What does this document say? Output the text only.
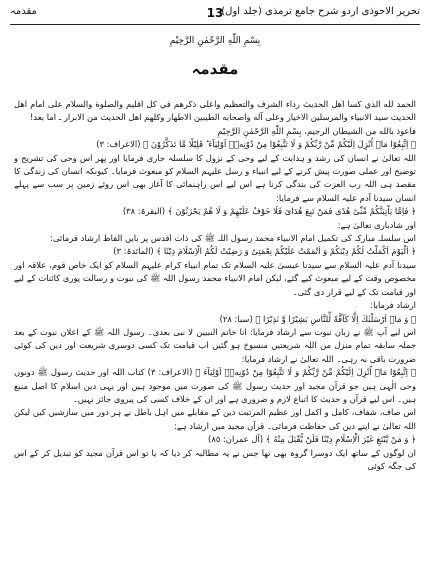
تحریر الاحوذی اردو شرح جامع ترمذی (جلد اول)
13
مقدمہ
بِسْمِ اللّٰهِ الرَّحْمٰنِ الرَّحِیْمِ
مقدمہ

الحمد لله الذي كسا اهل الحديث رداء الشرف والتعظيم واعلى ذكرهم في كل اقليم والصلوة والسلام على امام اهل الحديث سيد الانبياء والمرسلين الاخيار وعلى آله واصحابه الطيبين الاطهار وكلهم اهل الحديث من الابرار ـ اما بعد!

فاعوذ بالله من الشيطان الرجيم، بِسْمِ اللّٰهِ الرَّحْمٰنِ الرَّحِیْمِ

﴿ اِتَّبِعُوْا مَاۤ اُنْزِلَ اِلَیْكُمْ مِّنْ رَّبِّكُمْ وَ لَا تَتَّبِعُوْا مِنْ دُوْنِهٖۤ اَوْلِیَآءَ ؕ قَلِیْلًا مَّا تَذَكَّرُوْنَ ﴾ (الاعراف: ٣)

اللہ تعالیٰ نے انسان کی رشد و ہدایت کے لیے وحی کے نزول کا سلسلہ جاری فرمایا اور پھر اس وحی کی تشریح و توضیح اور عملی صورت پیش کرنے کے لیے انبیاء و رسل علیہم السلام کو مبعوث فرمایا۔ کیونکہ انسان کی زندگی کا مقصد ہی اللہ رب العزت کی بندگی کرنا ہے اس لیے اس راہنمائی کا آغاز بھی اس روئے زمین پر سب سے پہلے انسان سیدنا آدم علیہ السلام سے فرمایا:

﴿ فَاِمَّا یَاْتِیَنَّكُمْ مِّنِّیْ هُدًى فَمَنْ تَبِعَ هُدَایَ فَلَا خَوْفٌ عَلَیْهِمْ وَ لَا هُمْ یَحْزَنُوْنَ ﴾ (البقرۃ: ٣٨)

اور شادباری تعالیٰ ہے:

اس سلسلہ مبارکہ کی تکمیل امام الانبیاء محمد رسول اللہ ﷺ کی ذات اقدس پر بایں الفاظ ارشاد فرمائی:

﴿ اَلْیَوْمَ اَكْمَلْتُ لَكُمْ دِیْنَكُمْ وَ اَتْمَمْتُ عَلَیْكُمْ نِعْمَتِیْ وَ رَضِیْتُ لَكُمُ الْاِسْلَامَ دِیْنًا ﴾ (المائدۃ: ٣)

سیدنا آدم علیہ السلام سے سیدنا عیسیٰ علیہ السلام تک تمام انبیاء کرام علیہم السلام کو ایک خاص قوم، علاقہ اور مخصوص وقت کے لیے مبعوث کیے گئے، لیکن امام الانبیاء محمد رسول اللہ ﷺ کی نبوت و رسالت پوری کائنات کے لیے اور قیامت تک کے لیے قرار دی گئی۔

ارشاد فرمایا:

﴿ وَ مَاۤ اَرْسَلْنٰكَ اِلَّا كَآفَّةً لِّلنَّاسِ بَشِیْرًا وَّ نَذِیْرًا ﴾ (سبا: ٢٨)

اس لیے آپ ﷺ نے زبان نبوت سے ارشاد فرمایا: انا خاتم النبیین لا نبی بعدی۔ رسول اللہ ﷺ کے اعلان نبوت کے بعد جملہ سابقہ تمام منزل من اللہ شریعتیں منسوخ ہو گئیں اب قیامت تک کسی دوسری شریعت اور دین کی کوئی ضرورت باقی نہ رہی۔ اللہ تعالیٰ نے ارشاد فرمایا:

﴿ اِتَّبِعُوْا مَاۤ اُنْزِلَ اِلَیْكُمْ مِّنْ رَّبِّكُمْ وَ لَا تَتَّبِعُوْا مِنْ دُوْنِهٖۤ اَوْلِیَآءَ ﴾ (الاعراف: ٣) کتاب اللہ اور حدیث رسول ﷺ دونوں وحی الٰہی ہیں جو قرآن مجید اور حدیث رسول ﷺ کی صورت میں موجود ہیں اور یہی دین اسلام کا اصل منبع ہیں۔ اس لیے قرآن و حدیث کا اتباع لازم و ضروری ہے اور ان کے خلاف کسی کی پیروی جائز نہیں۔

اس صاف، شفاف، کامل و اکمل اور عظیم المرتبت دین کے مقابلے میں اہل باطل نے ہر دور میں سازشیں کیں لیکن اللہ تعالیٰ نے اپنے دین کی حفاظت فرمائی۔ قرآن مجید میں ارشاد ہے:

﴿ وَ مَنْ یَّبْتَغِ غَیْرَ الْاِسْلَامِ دِیْنًا فَلَنْ یُّقْبَلَ مِنْهُ ﴾ (آل عمران: ٨٥)

ان لوگوں کے ساتھ ایک دوسرا گروہ بھی تھا جس نے یہ مطالبہ کر دیا کہ یا تو اس قرآن مجید کو تبدیل کر کے اس کی جگہ کوئی
